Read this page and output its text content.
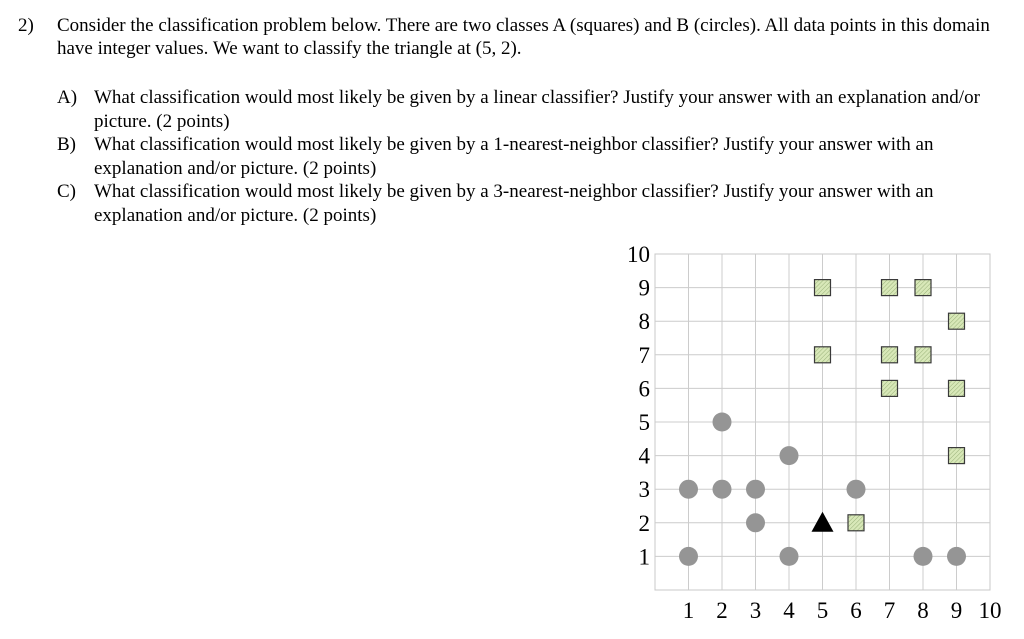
2) Consider the classification problem below. There are two classes A (squares) and B (circles). All data points in this domain have integer values. We want to classify the triangle at (5, 2).
A) What classification would most likely be given by a linear classifier? Justify your answer with an explanation and/or picture. (2 points)
B) What classification would most likely be given by a 1-nearest-neighbor classifier? Justify your answer with an explanation and/or picture. (2 points)
C) What classification would most likely be given by a 3-nearest-neighbor classifier? Justify your answer with an explanation and/or picture. (2 points)
1 2 3 4 5 6 7 8 9 10
1
2
3
4
5
6
7
8
9
10
